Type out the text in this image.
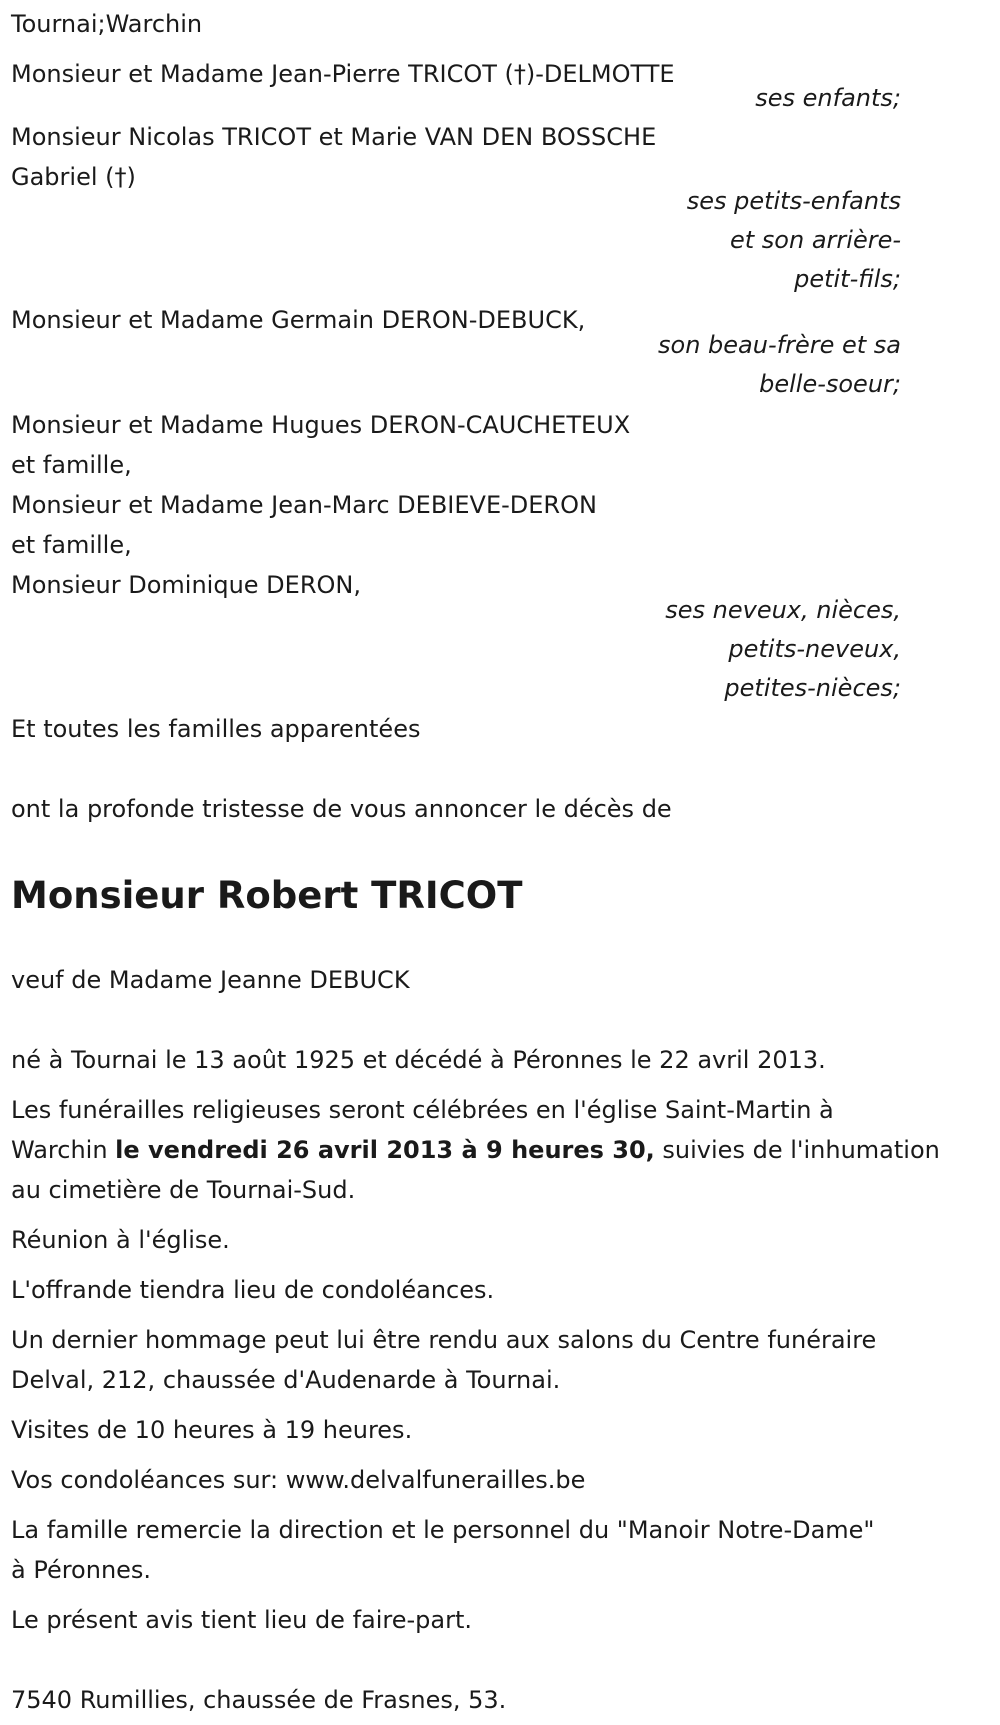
Tournai;Warchin
Monsieur et Madame Jean-Pierre TRICOT (†)-DELMOTTE
ses enfants;
Monsieur Nicolas TRICOT et Marie VAN DEN BOSSCHE
Gabriel (†)
ses petits-enfants
et son arrière-
petit-fils;
Monsieur et Madame Germain DERON-DEBUCK,
son beau-frère et sa
belle-soeur;
Monsieur et Madame Hugues DERON-CAUCHETEUX
et famille,
Monsieur et Madame Jean-Marc DEBIEVE-DERON
et famille,
Monsieur Dominique DERON,
ses neveux, nièces,
petits-neveux,
petites-nièces;
Et toutes les familles apparentées
ont la profonde tristesse de vous annoncer le décès de
Monsieur Robert TRICOT
veuf de Madame Jeanne DEBUCK
né à Tournai le 13 août 1925 et décédé à Péronnes le 22 avril 2013.
Les funérailles religieuses seront célébrées en l'église Saint-Martin à
Warchin le vendredi 26 avril 2013 à 9 heures 30, suivies de l'inhumation
au cimetière de Tournai-Sud.
Réunion à l'église.
L'offrande tiendra lieu de condoléances.
Un dernier hommage peut lui être rendu aux salons du Centre funéraire
Delval, 212, chaussée d'Audenarde à Tournai.
Visites de 10 heures à 19 heures.
Vos condoléances sur: www.delvalfunerailles.be
La famille remercie la direction et le personnel du "Manoir Notre-Dame"
à Péronnes.
Le présent avis tient lieu de faire-part.
7540 Rumillies, chaussée de Frasnes, 53.
